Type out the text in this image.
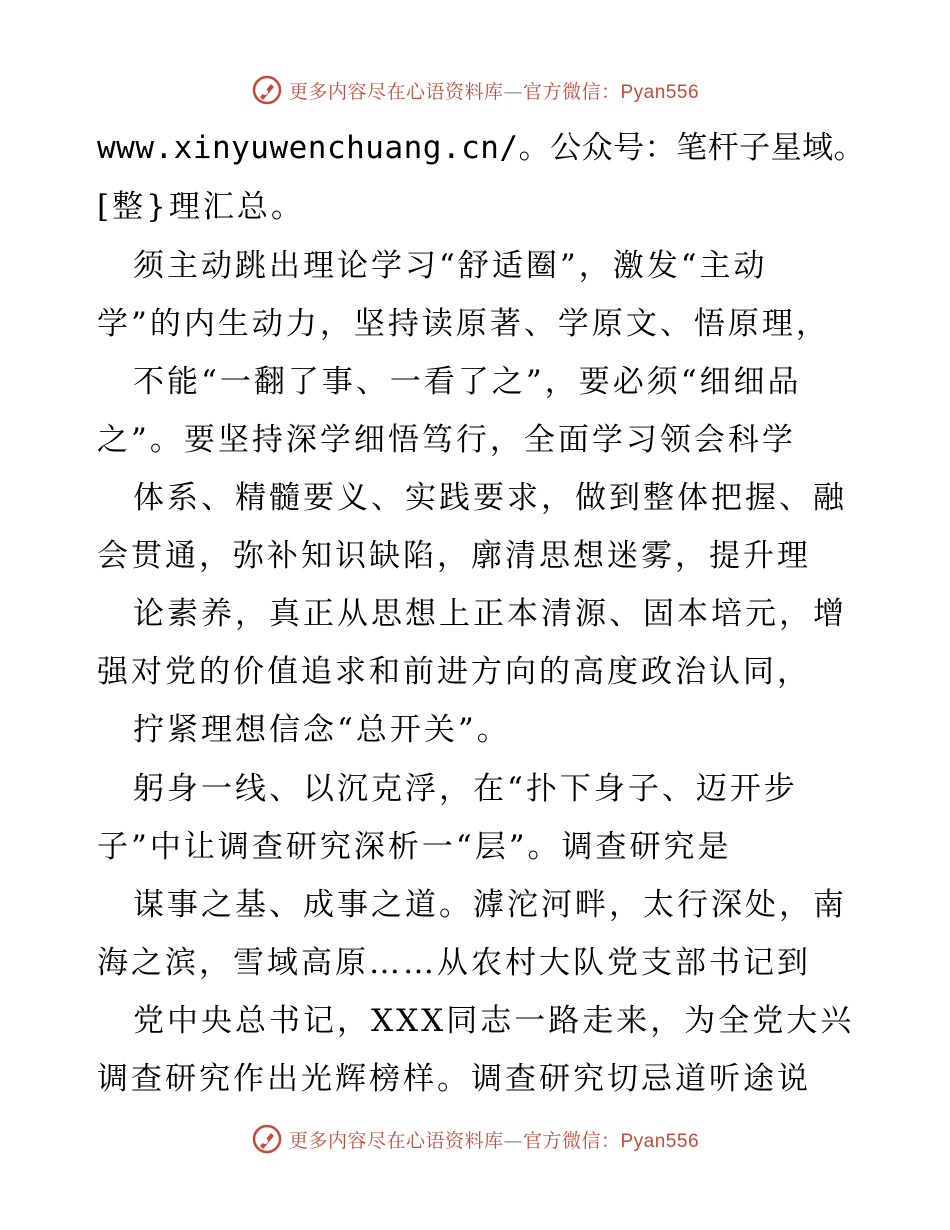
更多内容尽在心语资料库—官方微信：Pyan556
www.xinyuwenchuang.cn/。公众号：笔杆子星域。
[整}理汇总。
须主动跳出理论学习“舒适圈”，激发“主动
学”的内生动力，坚持读原著、学原文、悟原理，
不能“一翻了事、一看了之”，要必须“细细品
之”。要坚持深学细悟笃行，全面学习领会科学
体系、精髓要义、实践要求，做到整体把握、融
会贯通，弥补知识缺陷，廓清思想迷雾，提升理
论素养，真正从思想上正本清源、固本培元，增
强对党的价值追求和前进方向的高度政治认同，
拧紧理想信念“总开关”。
躬身一线、以沉克浮，在“扑下身子、迈开步
子”中让调查研究深析一“层”。调查研究是
谋事之基、成事之道。滹沱河畔，太行深处，南
海之滨，雪域高原……从农村大队党支部书记到
党中央总书记，XXX同志一路走来，为全党大兴
调查研究作出光辉榜样。调查研究切忌道听途说
更多内容尽在心语资料库—官方微信：Pyan556
